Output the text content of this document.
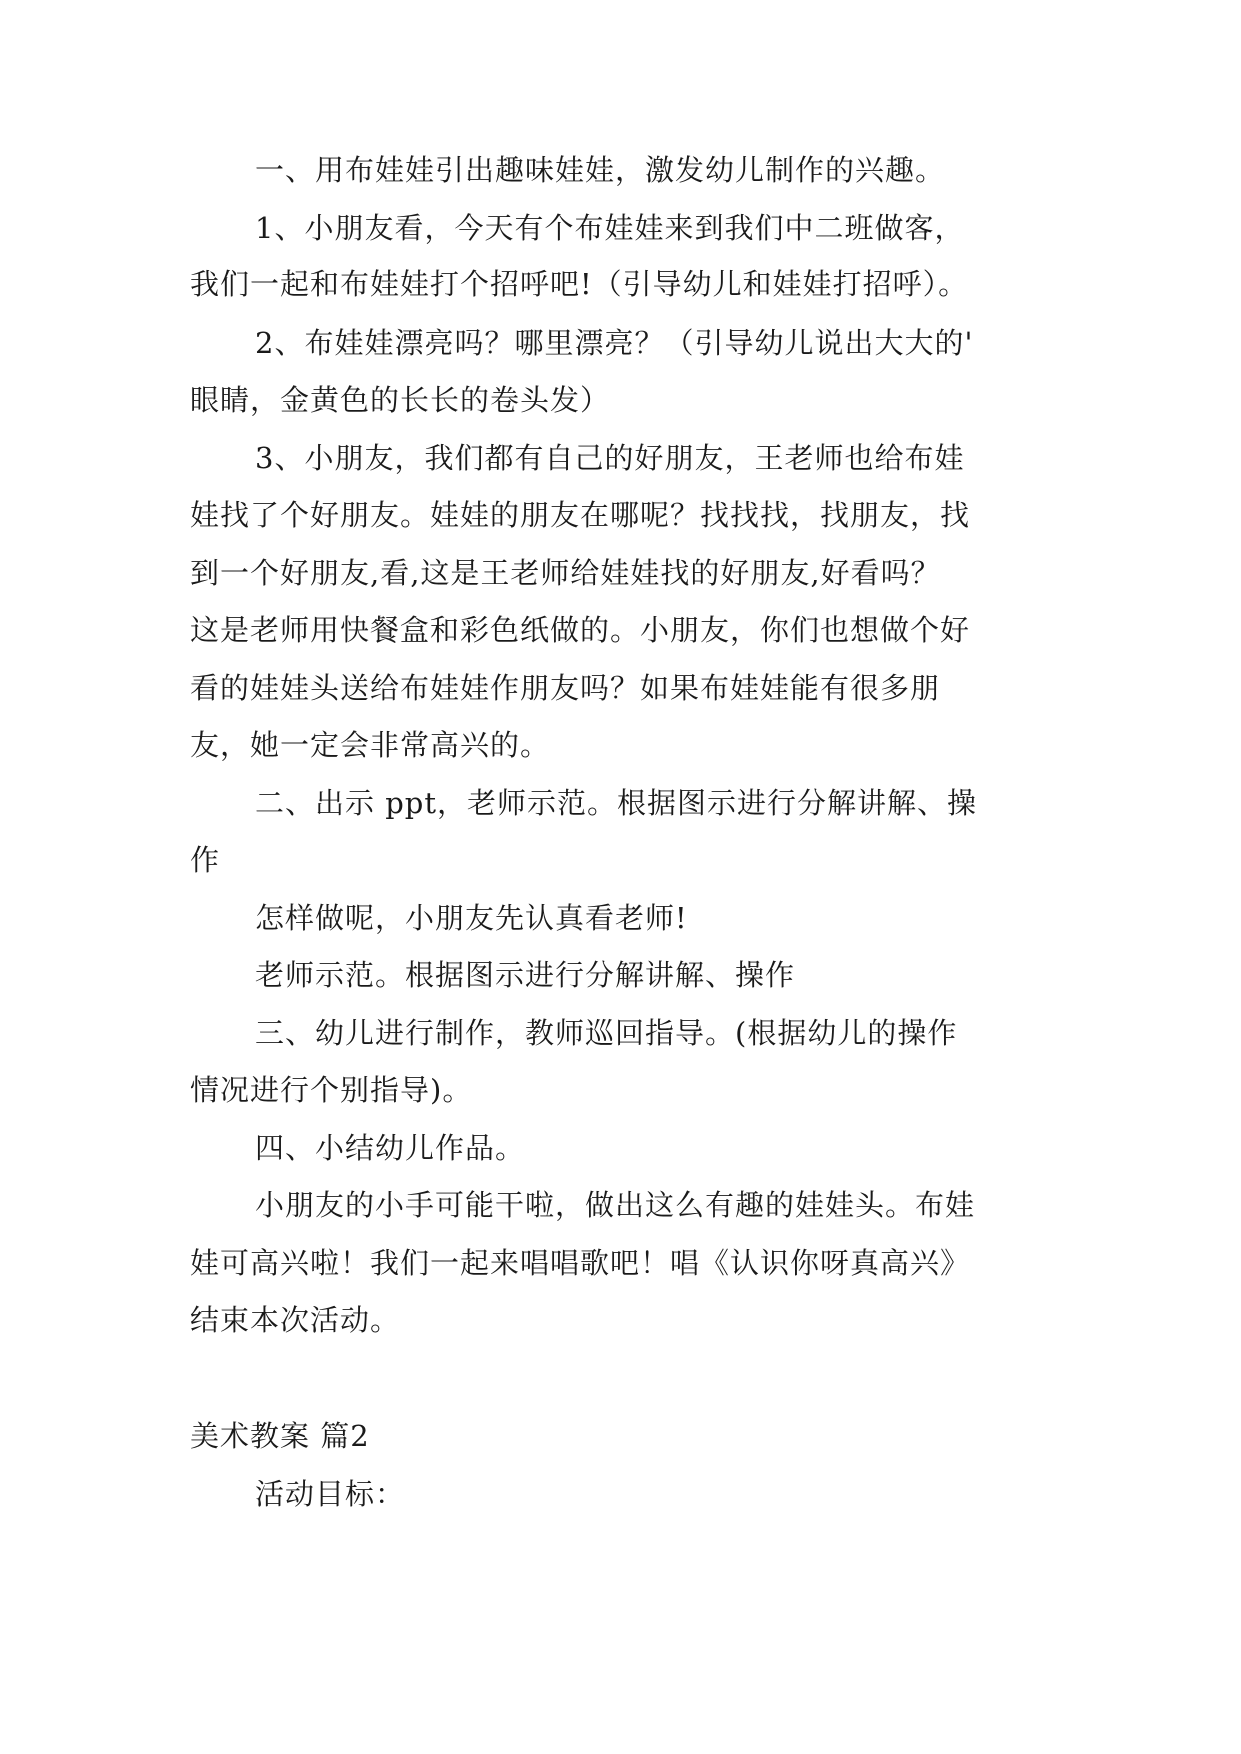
一、用布娃娃引出趣味娃娃，激发幼儿制作的兴趣。
1、小朋友看，今天有个布娃娃来到我们中二班做客，
我们一起和布娃娃打个招呼吧!（引导幼儿和娃娃打招呼）。
2、布娃娃漂亮吗？哪里漂亮？（引导幼儿说出大大的'
眼睛，金黄色的长长的卷头发）
3、小朋友，我们都有自己的好朋友，王老师也给布娃
娃找了个好朋友。娃娃的朋友在哪呢？找找找，找朋友，找
到一个好朋友,看,这是王老师给娃娃找的好朋友,好看吗？
这是老师用快餐盒和彩色纸做的。小朋友，你们也想做个好
看的娃娃头送给布娃娃作朋友吗？如果布娃娃能有很多朋
友，她一定会非常高兴的。
二、出示 ppt，老师示范。根据图示进行分解讲解、操
作
怎样做呢，小朋友先认真看老师!
老师示范。根据图示进行分解讲解、操作
三、幼儿进行制作，教师巡回指导。(根据幼儿的操作
情况进行个别指导)。
四、小结幼儿作品。
小朋友的小手可能干啦，做出这么有趣的娃娃头。布娃
娃可高兴啦！我们一起来唱唱歌吧！唱《认识你呀真高兴》
结束本次活动。
美术教案 篇2
活动目标：
